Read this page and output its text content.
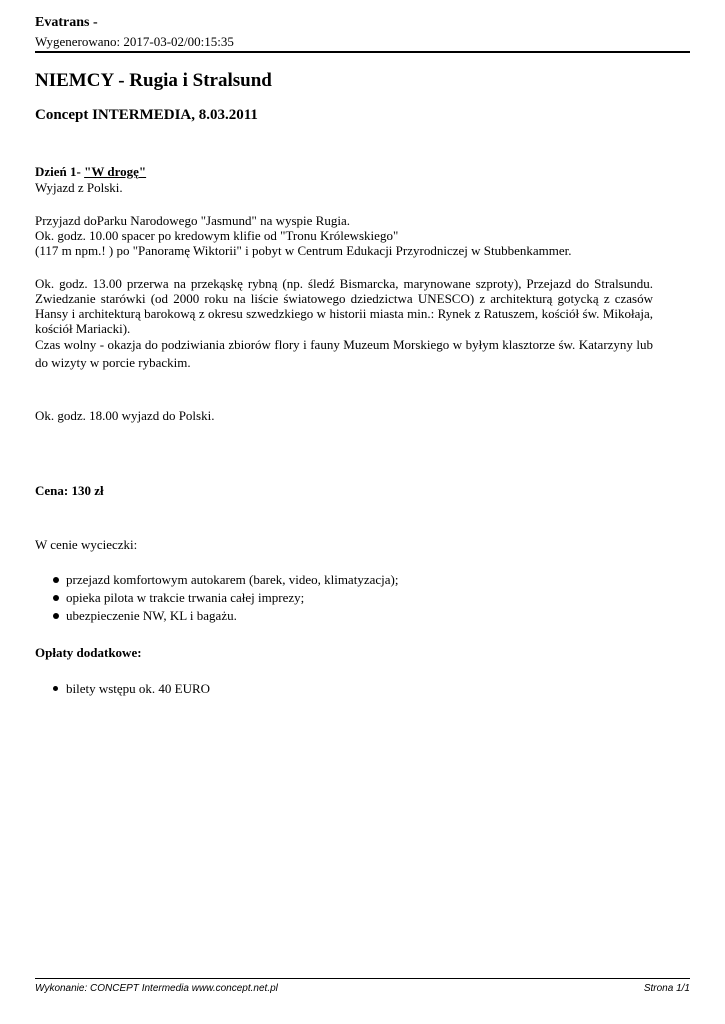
Evatrans -
Wygenerowano: 2017-03-02/00:15:35
NIEMCY - Rugia i Stralsund
Concept INTERMEDIA, 8.03.2011
Dzień 1- "W drogę"
Wyjazd z Polski.
Przyjazd doParku Narodowego "Jasmund" na wyspie Rugia.
Ok. godz. 10.00 spacer po kredowym klifie od "Tronu Królewskiego"
(117 m npm.! ) po "Panoramę Wiktorii" i pobyt w Centrum Edukacji Przyrodniczej w Stubbenkammer.
Ok. godz. 13.00 przerwa na przekąskę rybną (np. śledź Bismarcka, marynowane szproty), Przejazd do Stralsundu. Zwiedzanie starówki (od 2000 roku na liście światowego dziedzictwa UNESCO) z architekturą gotycką z czasów Hansy i architekturą barokową z okresu szwedzkiego w historii miasta min.: Rynek z Ratuszem, kościół św. Mikołaja, kościół Mariacki).
Czas wolny - okazja do podziwiania zbiorów flory i fauny Muzeum Morskiego w byłym klasztorze św. Katarzyny lub do wizyty w porcie rybackim.
Ok. godz. 18.00 wyjazd do Polski.
Cena: 130 zł
W cenie wycieczki:
przejazd komfortowym autokarem (barek, video, klimatyzacja);
opieka pilota w trakcie trwania całej imprezy;
ubezpieczenie NW, KL i bagażu.
Opłaty dodatkowe:
bilety wstępu ok. 40 EURO
Wykonanie: CONCEPT Intermedia www.concept.net.pl	Strona 1/1
